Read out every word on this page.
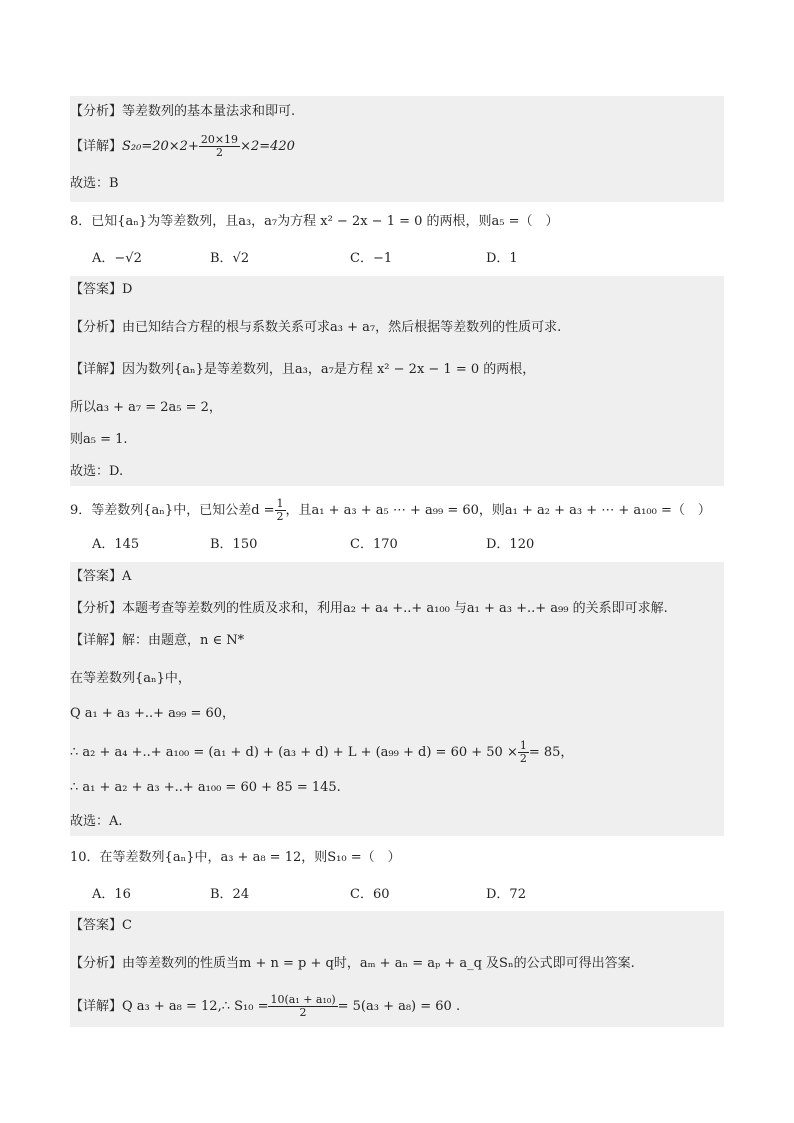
【分析】等差数列的基本量法求和即可.
【详解】$S_{20}=20\times 2+ \frac{20\times 19}{2} \times 2=420$
故选：B
8．已知{aₙ}为等差数列，且a₃，a₇为方程 x² − 2x − 1 = 0 的两根，则a₅ =（　）
A．−√2	B．√2	C．−1	D．1
【答案】D
【分析】由已知结合方程的根与系数关系可求a₃ + a₇，然后根据等差数列的性质可求.
【详解】因为数列{aₙ}是等差数列，且a₃，a₇是方程 x² − 2x − 1 = 0 的两根，
所以a₃ + a₇ = 2a₅ = 2，
则a₅ = 1.
故选：D.
9．等差数列{aₙ}中，已知公差$d = \frac{1}{2}$ ，且a₁ + a₃ + a₅ ⋯ + a₉₉ = 60，则a₁ + a₂ + a₃ + ⋯ + a₁₀₀ =（　）
A．145	B．150	C．170	D．120
【答案】A
【分析】本题考查等差数列的性质及求和，利用a₂ + a₄ +..+ a₁₀₀ 与a₁ + a₃ +..+ a₉₉ 的关系即可求解.
【详解】解：由题意，n ∈ N*
在等差数列{aₙ}中，
Q a₁ + a₃ +..+ a₉₉ = 60，
∴ a₂ + a₄ +..+ $a_{100} = (a_1 + d) + (a_3 + d) + L + (a_{99} + d) = 60 + 50 \times \frac{1}{2} = 85$，
∴ a₁ + a₂ + a₃ +..+ a₁₀₀ = 60 + 85 = 145.
故选：A.
10．在等差数列{aₙ}中，a₃ + a₈ = 12，则S₁₀ =（　）
A．16	B．24	C．60	D．72
【答案】C
【分析】由等差数列的性质当m + n = p + q时，aₘ + aₙ = aₚ + a_q 及Sₙ的公式即可得出答案.
【详解】Q a₃ + a₈ = 12,∴ $S_{10} = \frac{\text{10(a₁ + a₁₀)}}{2} = 5(a_3 + a_8) = 60$ .
